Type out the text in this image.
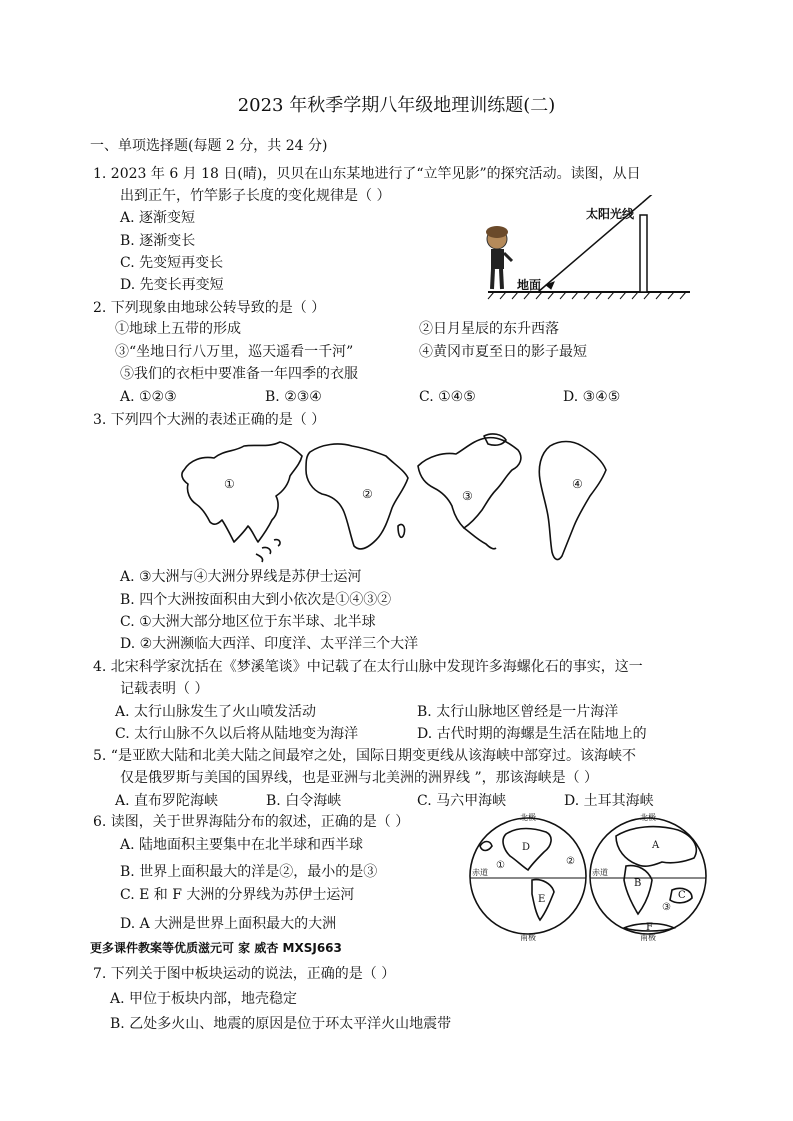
2023 年秋季学期八年级地理训练题(二)
一、单项选择题(每题 2 分，共 24 分)
1. 2023 年 6 月 18 日(晴)，贝贝在山东某地进行了“立竿见影”的探究活动。读图，从日
出到正午，竹竿影子长度的变化规律是（ ）
A. 逐渐变短
B. 逐渐变长
C. 先变短再变长
D. 先变长再变短
太阳光线
地面
2. 下列现象由地球公转导致的是（ ）
①地球上五带的形成	②日月星辰的东升西落
③“坐地日行八万里，巡天遥看一千河”	④黄冈市夏至日的影子最短
⑤我们的衣柜中要准备一年四季的衣服
A. ①②③	B. ②③④	C. ①④⑤	D. ③④⑤
3. 下列四个大洲的表述正确的是（ ）
①
②	③
④
A. ③大洲与④大洲分界线是苏伊士运河
B. 四个大洲按面积由大到小依次是①④③②
C. ①大洲大部分地区位于东半球、北半球
D. ②大洲濒临大西洋、印度洋、太平洋三个大洋
4. 北宋科学家沈括在《梦溪笔谈》中记载了在太行山脉中发现许多海螺化石的事实，这一
记载表明（ ）
A. 太行山脉发生了火山喷发活动	B. 太行山脉地区曾经是一片海洋
C. 太行山脉不久以后将从陆地变为海洋	D. 古代时期的海螺是生活在陆地上的
5. “是亚欧大陆和北美大陆之间最窄之处，国际日期变更线从该海峡中部穿过。该海峡不
仅是俄罗斯与美国的国界线，也是亚洲与北美洲的洲界线 ”，那该海峡是（ ）
A. 直布罗陀海峡	B. 白令海峡	C. 马六甲海峡	D. 土耳其海峡
6. 读图，关于世界海陆分布的叙述，正确的是（ ）
A. 陆地面积主要集中在北半球和西半球
B. 世界上面积最大的洋是②，最小的是③
C. E 和 F 大洲的分界线为苏伊士运河
D. A 大洲是世界上面积最大的大洲
北极	北极
南极	南极
赤道	赤道
D
E
A
B
C
F
①	②
③
更多课件教案等优质滋元可 家 威杏 MXSJ663
7. 下列关于图中板块运动的说法，正确的是（ ）
A. 甲位于板块内部，地壳稳定
B. 乙处多火山、地震的原因是位于环太平洋火山地震带
